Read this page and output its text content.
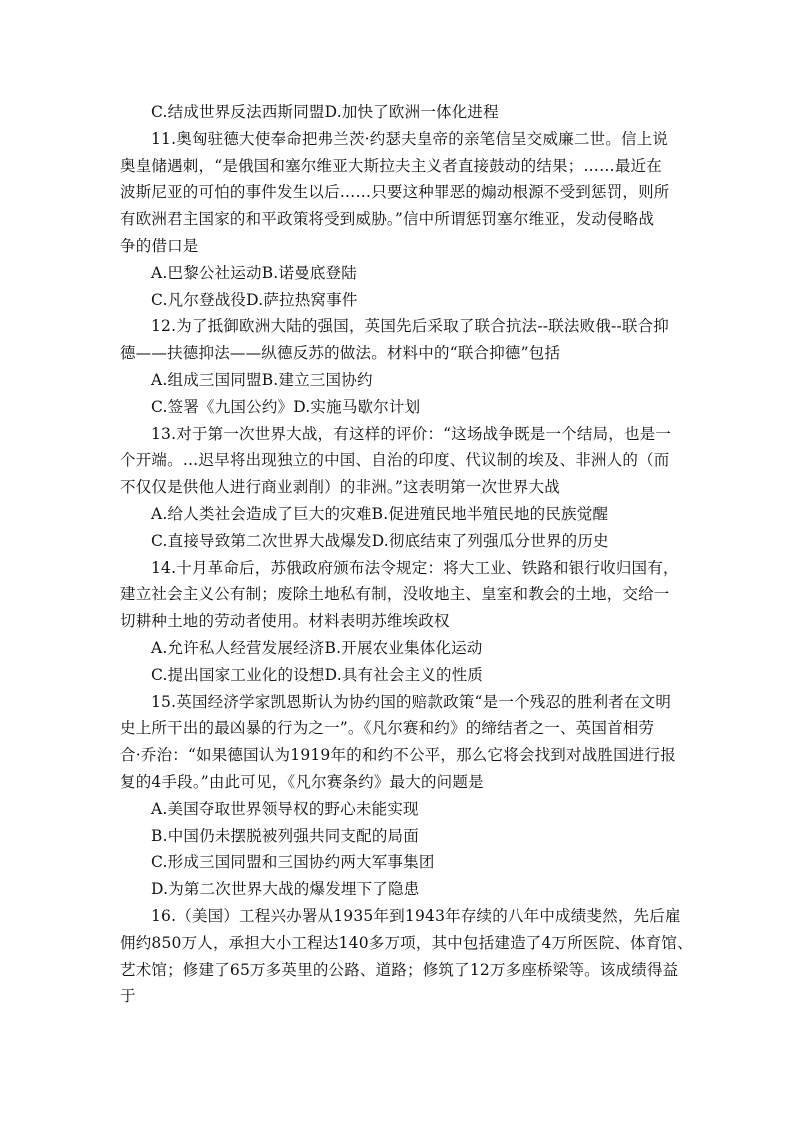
C.结成世界反法西斯同盟D.加快了欧洲一体化进程
11.奥匈驻德大使奉命把弗兰茨·约瑟夫皇帝的亲笔信呈交威廉二世。信上说
奥皇储遇刺，“是俄国和塞尔维亚大斯拉夫主义者直接鼓动的结果；……最近在
波斯尼亚的可怕的事件发生以后……只要这种罪恶的煽动根源不受到惩罚，则所
有欧洲君主国家的和平政策将受到威胁。”信中所谓惩罚塞尔维亚，发动侵略战
争的借口是
A.巴黎公社运动B.诺曼底登陆
C.凡尔登战役D.萨拉热窝事件
12.为了抵御欧洲大陆的强国，英国先后采取了联合抗法--联法败俄--联合抑
德——扶德抑法——纵德反苏的做法。材料中的“联合抑德”包括
A.组成三国同盟B.建立三国协约
C.签署《九国公约》D.实施马歇尔计划
13.对于第一次世界大战，有这样的评价：“这场战争既是一个结局，也是一
个开端。…迟早将出现独立的中国、自治的印度、代议制的埃及、非洲人的（而
不仅仅是供他人进行商业剥削）的非洲。”这表明第一次世界大战
A.给人类社会造成了巨大的灾难B.促进殖民地半殖民地的民族觉醒
C.直接导致第二次世界大战爆发D.彻底结束了列强瓜分世界的历史
14.十月革命后，苏俄政府颁布法令规定：将大工业、铁路和银行收归国有，
建立社会主义公有制；废除土地私有制，没收地主、皇室和教会的土地，交给一
切耕种土地的劳动者使用。材料表明苏维埃政权
A.允许私人经营发展经济B.开展农业集体化运动
C.提出国家工业化的设想D.具有社会主义的性质
15.英国经济学家凯恩斯认为协约国的赔款政策“是一个残忍的胜利者在文明
史上所干出的最凶暴的行为之一”。《凡尔赛和约》的缔结者之一、英国首相劳
合·乔治：“如果德国认为1919年的和约不公平，那么它将会找到对战胜国进行报
复的4手段。”由此可见，《凡尔赛条约》最大的问题是
A.美国夺取世界领导权的野心未能实现
B.中国仍未摆脱被列强共同支配的局面
C.形成三国同盟和三国协约两大军事集团
D.为第二次世界大战的爆发埋下了隐患
16.（美国）工程兴办署从1935年到1943年存续的八年中成绩斐然，先后雇
佣约850万人，承担大小工程达140多万项，其中包括建造了4万所医院、体育馆、
艺术馆；修建了65万多英里的公路、道路；修筑了12万多座桥梁等。该成绩得益
于
